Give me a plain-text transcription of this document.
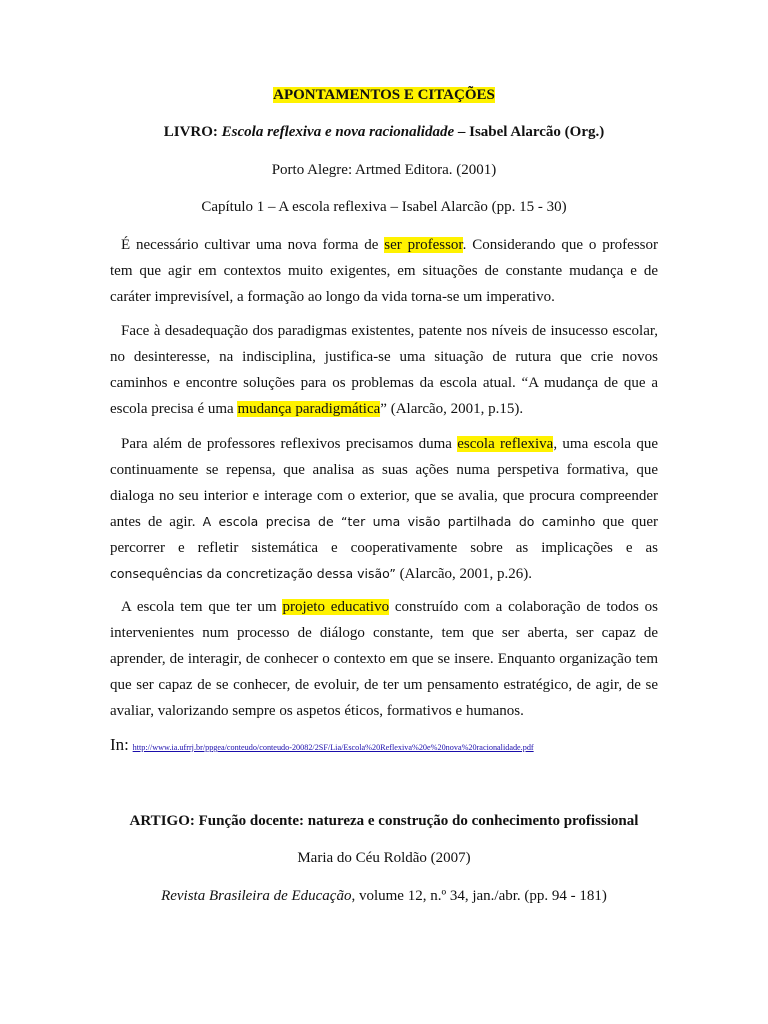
APONTAMENTOS E CITAÇÕES
LIVRO: Escola reflexiva e nova racionalidade – Isabel Alarcão (Org.)
Porto Alegre: Artmed Editora. (2001)
Capítulo 1 – A escola reflexiva – Isabel Alarcão (pp. 15 - 30)

É necessário cultivar uma nova forma de ser professor. Considerando que o professor tem que agir em contextos muito exigentes, em situações de constante mudança e de caráter imprevisível, a formação ao longo da vida torna-se um imperativo.

Face à desadequação dos paradigmas existentes, patente nos níveis de insucesso escolar, no desinteresse, na indisciplina, justifica-se uma situação de rutura que crie novos caminhos e encontre soluções para os problemas da escola atual. “A mudança de que a escola precisa é uma mudança paradigmática” (Alarcão, 2001, p.15).

Para além de professores reflexivos precisamos duma escola reflexiva, uma escola que continuamente se repensa, que analisa as suas ações numa perspetiva formativa, que dialoga no seu interior e interage com o exterior, que se avalia, que procura compreender antes de agir. A escola precisa de “ter uma visão partilhada do caminho que quer percorrer e refletir sistemática e cooperativamente sobre as implicações e as consequências da concretização dessa visão” (Alarcão, 2001, p.26).

A escola tem que ter um projeto educativo construído com a colaboração de todos os intervenientes num processo de diálogo constante, tem que ser aberta, ser capaz de aprender, de interagir, de conhecer o contexto em que se insere. Enquanto organização tem que ser capaz de se conhecer, de evoluir, de ter um pensamento estratégico, de agir, de se avaliar, valorizando sempre os aspetos éticos, formativos e humanos.

In: http://www.ia.ufrrj.br/ppgea/conteudo/conteudo-20082/2SF/Lia/Escola%20Reflexiva%20e%20nova%20racionalidade.pdf
ARTIGO: Função docente: natureza e construção do conhecimento profissional
Maria do Céu Roldão (2007)
Revista Brasileira de Educação, volume 12, n.º 34, jan./abr. (pp. 94 - 181)
